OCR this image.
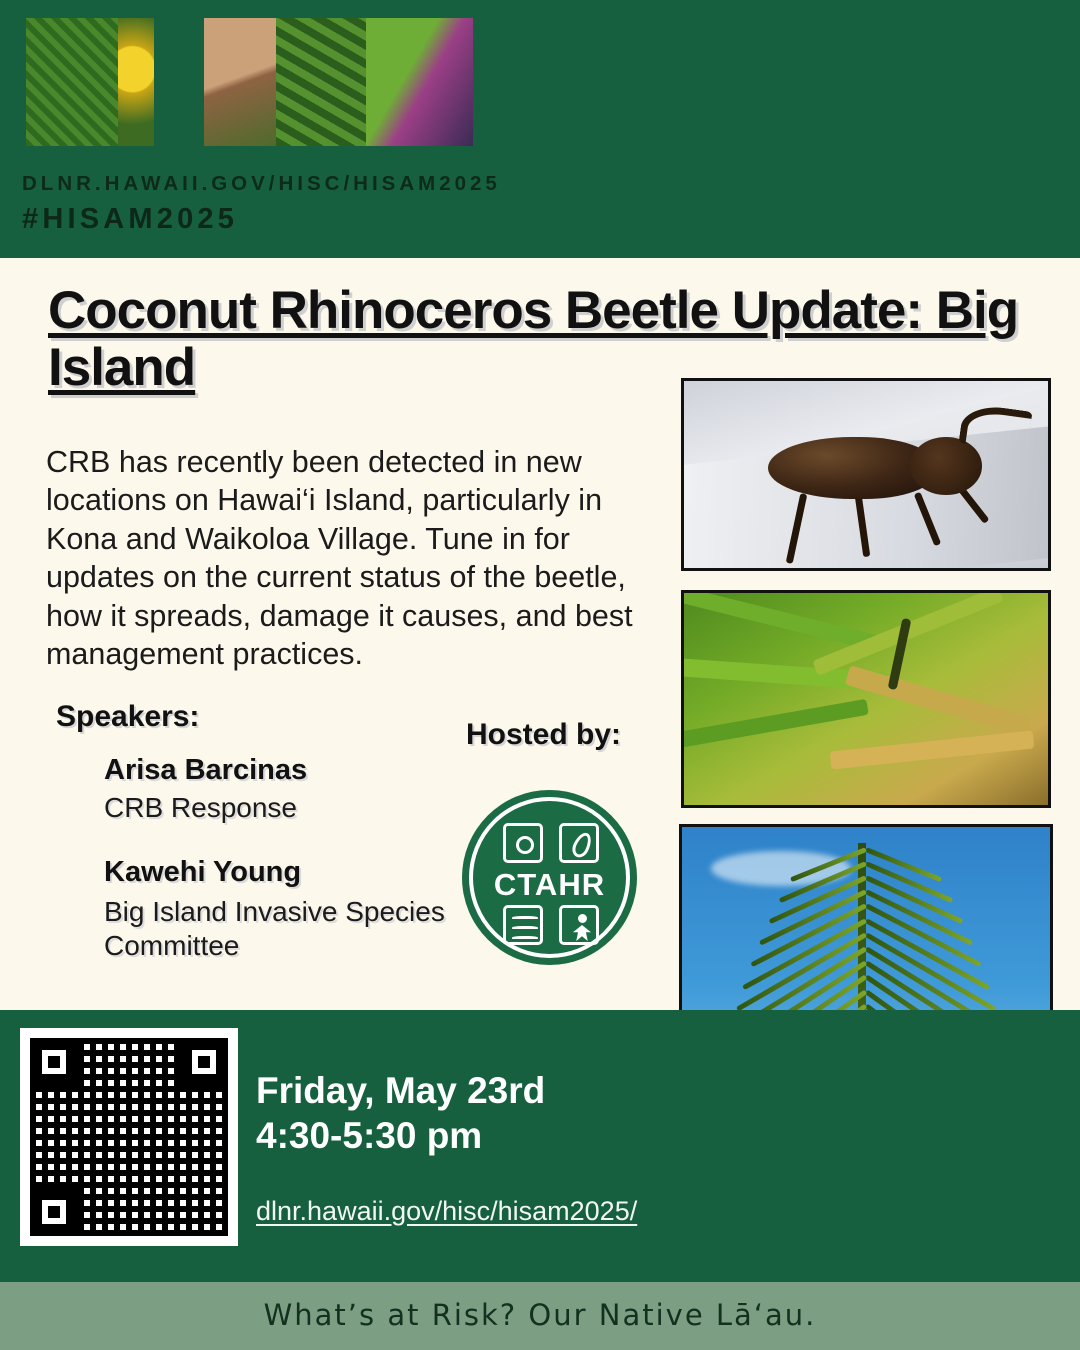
DLNR.HAWAII.GOV/HISC/HISAM2025
#HISAM2025
Coconut Rhinoceros Beetle Update: Big Island
CRB has recently been detected in new locations on Hawai‘i Island, particularly in Kona and Waikoloa Village. Tune in for updates on the current status of the beetle, how it spreads, damage it causes, and best management practices.
Speakers:
Arisa Barcinas
CRB Response
Kawehi Young
Big Island Invasive Species Committee
Hosted by:
CTAHR
Friday, May 23rd
4:30-5:30 pm
dlnr.hawaii.gov/hisc/hisam2025/
What’s at Risk? Our Native Lā‘au.
